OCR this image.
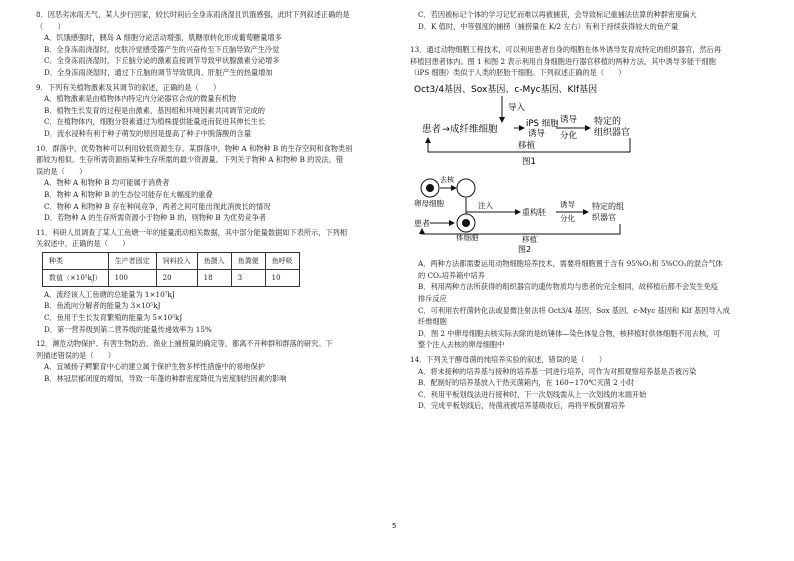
8．因恶劣冰雨天气，某人步行回家，较长时间后全身冻雨浇湿且饥饿感强，此时下列叙述正确的是

（　　）

A．饥饿感强时，胰岛 A 细胞分泌活动增强，肌糖原转化形成葡萄糖量增多

B．全身冻雨浇湿时，皮肤冷觉感受器产生的兴奋传至下丘脑导致产生冷觉

C．全身冻雨浇湿时，下丘脑分泌的激素直接调节导致甲状腺激素分泌增多

D．全身冻雨浇湿时，通过下丘脑的调节导致肌肉、肝脏产生的热量增加

9．下列有关植物激素及其调节的叙述，正确的是（　　）

A．植物激素是由植物体内特定内分泌器官合成的微量有机物

B．植物生长发育的过程是由激素、基因组和环境因素共同调节完成的

C．在植物体内，细胞分裂素通过为植株提供能量进而促进其伸长生长

D．流水浸种有利于种子萌发的原因是提高了种子中脱落酸的含量

10．群落中，优势物种可以利用较低资源生存。某群落中，物种 A 和物种 B 的生存空间和食物类别

都较为相似。生存所需资源指某种生存所需的最少资源量。下列关于物种 A 和物种 B 的说法，错

误的是（　　）

A．物种 A 和物种 B 均可能属于消费者

B．物种 A 和物种 B 的生态位可能存在大幅度的重叠

C．物种 A 和物种 B 存在种间竞争，两者之间可能出现此消彼长的情况

D．若物种 A 的生存所需资源小于物种 B 的，则物种 B 为优势竞争者

11．科研人员调查了某人工鱼塘一年的能量流动相关数据，其中部分能量数据如下表所示，下列相

关叙述中，正确的是（　　）

种类	生产者固定	饲料投入	鱼摄入	鱼粪便	鱼呼吸
数值（×10⁵kJ）	100	20	18	3	10

A．流经该人工鱼塘的总能量为 1×10⁷kJ

B．鱼流向分解者的能量为 3×10⁵kJ

C．鱼用于生长发育繁殖的能量为 5×10⁵kJ

D．第一营养级到第二营养级的能量传递效率为 15%

12．濒危动物保护、有害生物防治、渔业上捕捞量的确定等，都离不开种群和群落的研究。下

列描述错误的是（　　）

A．宜城扬子鳄繁育中心的建立属于保护生物多样性措施中的易地保护

B．林冠层郁闭度的增加，导致一年蓬的种群密度降低为密度制约因素的影响

C．若因被标记个体的学习记忆而难以再被捕获，会导致标记重捕法估算的种群密度偏大

D．K 值时，中等强度的捕捞（捕捞量在 K/2 左右）有利于持续获得较大的鱼产量

13．通过动物细胞工程技术，可以利用患者自身的细胞在体外诱导发育成特定的组织器官，然后再

移植回患者体内。图 1 和图 2 表示利用自身细胞进行器官移植的两种方法，其中诱导多能干细胞

（iPS 细胞）类似于人类的胚胎干细胞。下列叙述正确的是（　　）

Oct3/4基因、Sox基因、c-Myc基因、Klf基因
导入
患者 →成纤维细胞	iPS 细胞
诱导
诱导
分化
特定的
组织器官
移植
图1

去核
卵母细胞	注入
重构胚
诱导
分化
特定的组
织器官
患者
体细胞	移植
图2

A．两种方法都需要运用动物细胞培养技术，需要将细胞置于含有 95%O₂和 5%CO₂的混合气体

的 CO₂培养箱中培养

B．利用两种方法所获得的组织器官的遗传物质均与患者的完全相同，故移植后都不会发生免疫

排斥反应

C．可利用农杆菌转化法或显微注射法将 Oct3/4 基因、Sox 基因、c-Myc 基因和 Klf 基因导入成

纤维细胞

D．图 2 中卵母细胞去核实际去除的是纺锤体—染色体复合物，核移植时供体细胞不用去核，可

整个注入去核的卵母细胞中

14．下列关于酵母菌的纯培养实验的叙述，错误的是（　　）

A．将未接种的培养基与接种的培养基一同进行培养，可作为对照观察培养基是否被污染

B．配制好的培养基放入干热灭菌箱内，在 160~170℃灭菌 2 小时

C．利用平板划线法进行接种时，下一次划线需从上一次划线的末端开始

D．完成平板划线后，待菌液被培养基吸收后，再将平板倒置培养

5
